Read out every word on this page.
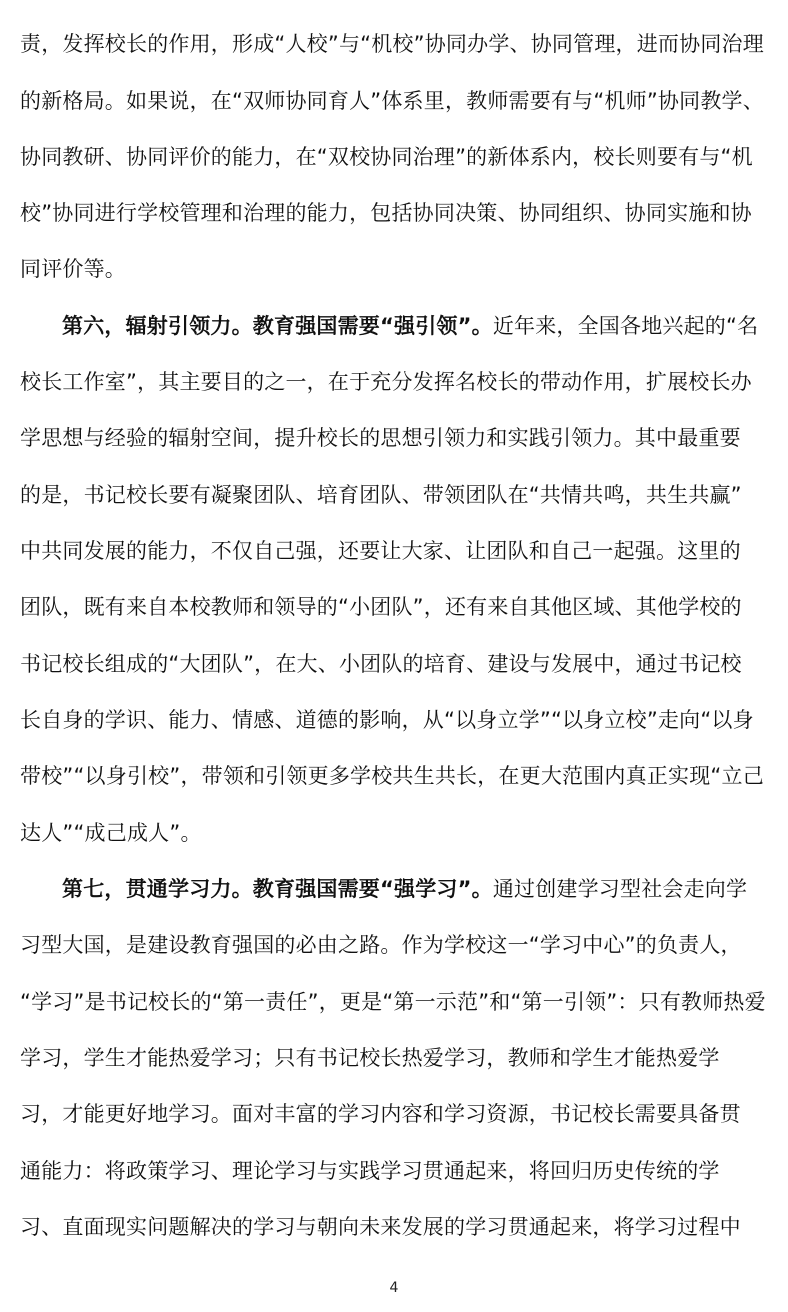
责，发挥校长的作用，形成“人校”与“机校”协同办学、协同管理，进而协同治理
的新格局。如果说，在“双师协同育人”体系里，教师需要有与“机师”协同教学、
协同教研、协同评价的能力，在“双校协同治理”的新体系内，校长则要有与“机
校”协同进行学校管理和治理的能力，包括协同决策、协同组织、协同实施和协
同评价等。
第六，辐射引领力。教育强国需要“强引领”。近年来，全国各地兴起的“名
校长工作室”，其主要目的之一，在于充分发挥名校长的带动作用，扩展校长办
学思想与经验的辐射空间，提升校长的思想引领力和实践引领力。其中最重要
的是，书记校长要有凝聚团队、培育团队、带领团队在“共情共鸣，共生共赢”
中共同发展的能力，不仅自己强，还要让大家、让团队和自己一起强。这里的
团队，既有来自本校教师和领导的“小团队”，还有来自其他区域、其他学校的
书记校长组成的“大团队”，在大、小团队的培育、建设与发展中，通过书记校
长自身的学识、能力、情感、道德的影响，从“以身立学”“以身立校”走向“以身
带校”“以身引校”，带领和引领更多学校共生共长，在更大范围内真正实现“立己
达人”“成己成人”。
第七，贯通学习力。教育强国需要“强学习”。通过创建学习型社会走向学
习型大国，是建设教育强国的必由之路。作为学校这一“学习中心”的负责人，
“学习”是书记校长的“第一责任”，更是“第一示范”和“第一引领”：只有教师热爱
学习，学生才能热爱学习；只有书记校长热爱学习，教师和学生才能热爱学
习，才能更好地学习。面对丰富的学习内容和学习资源，书记校长需要具备贯
通能力：将政策学习、理论学习与实践学习贯通起来，将回归历史传统的学
习、直面现实问题解决的学习与朝向未来发展的学习贯通起来，将学习过程中
4
